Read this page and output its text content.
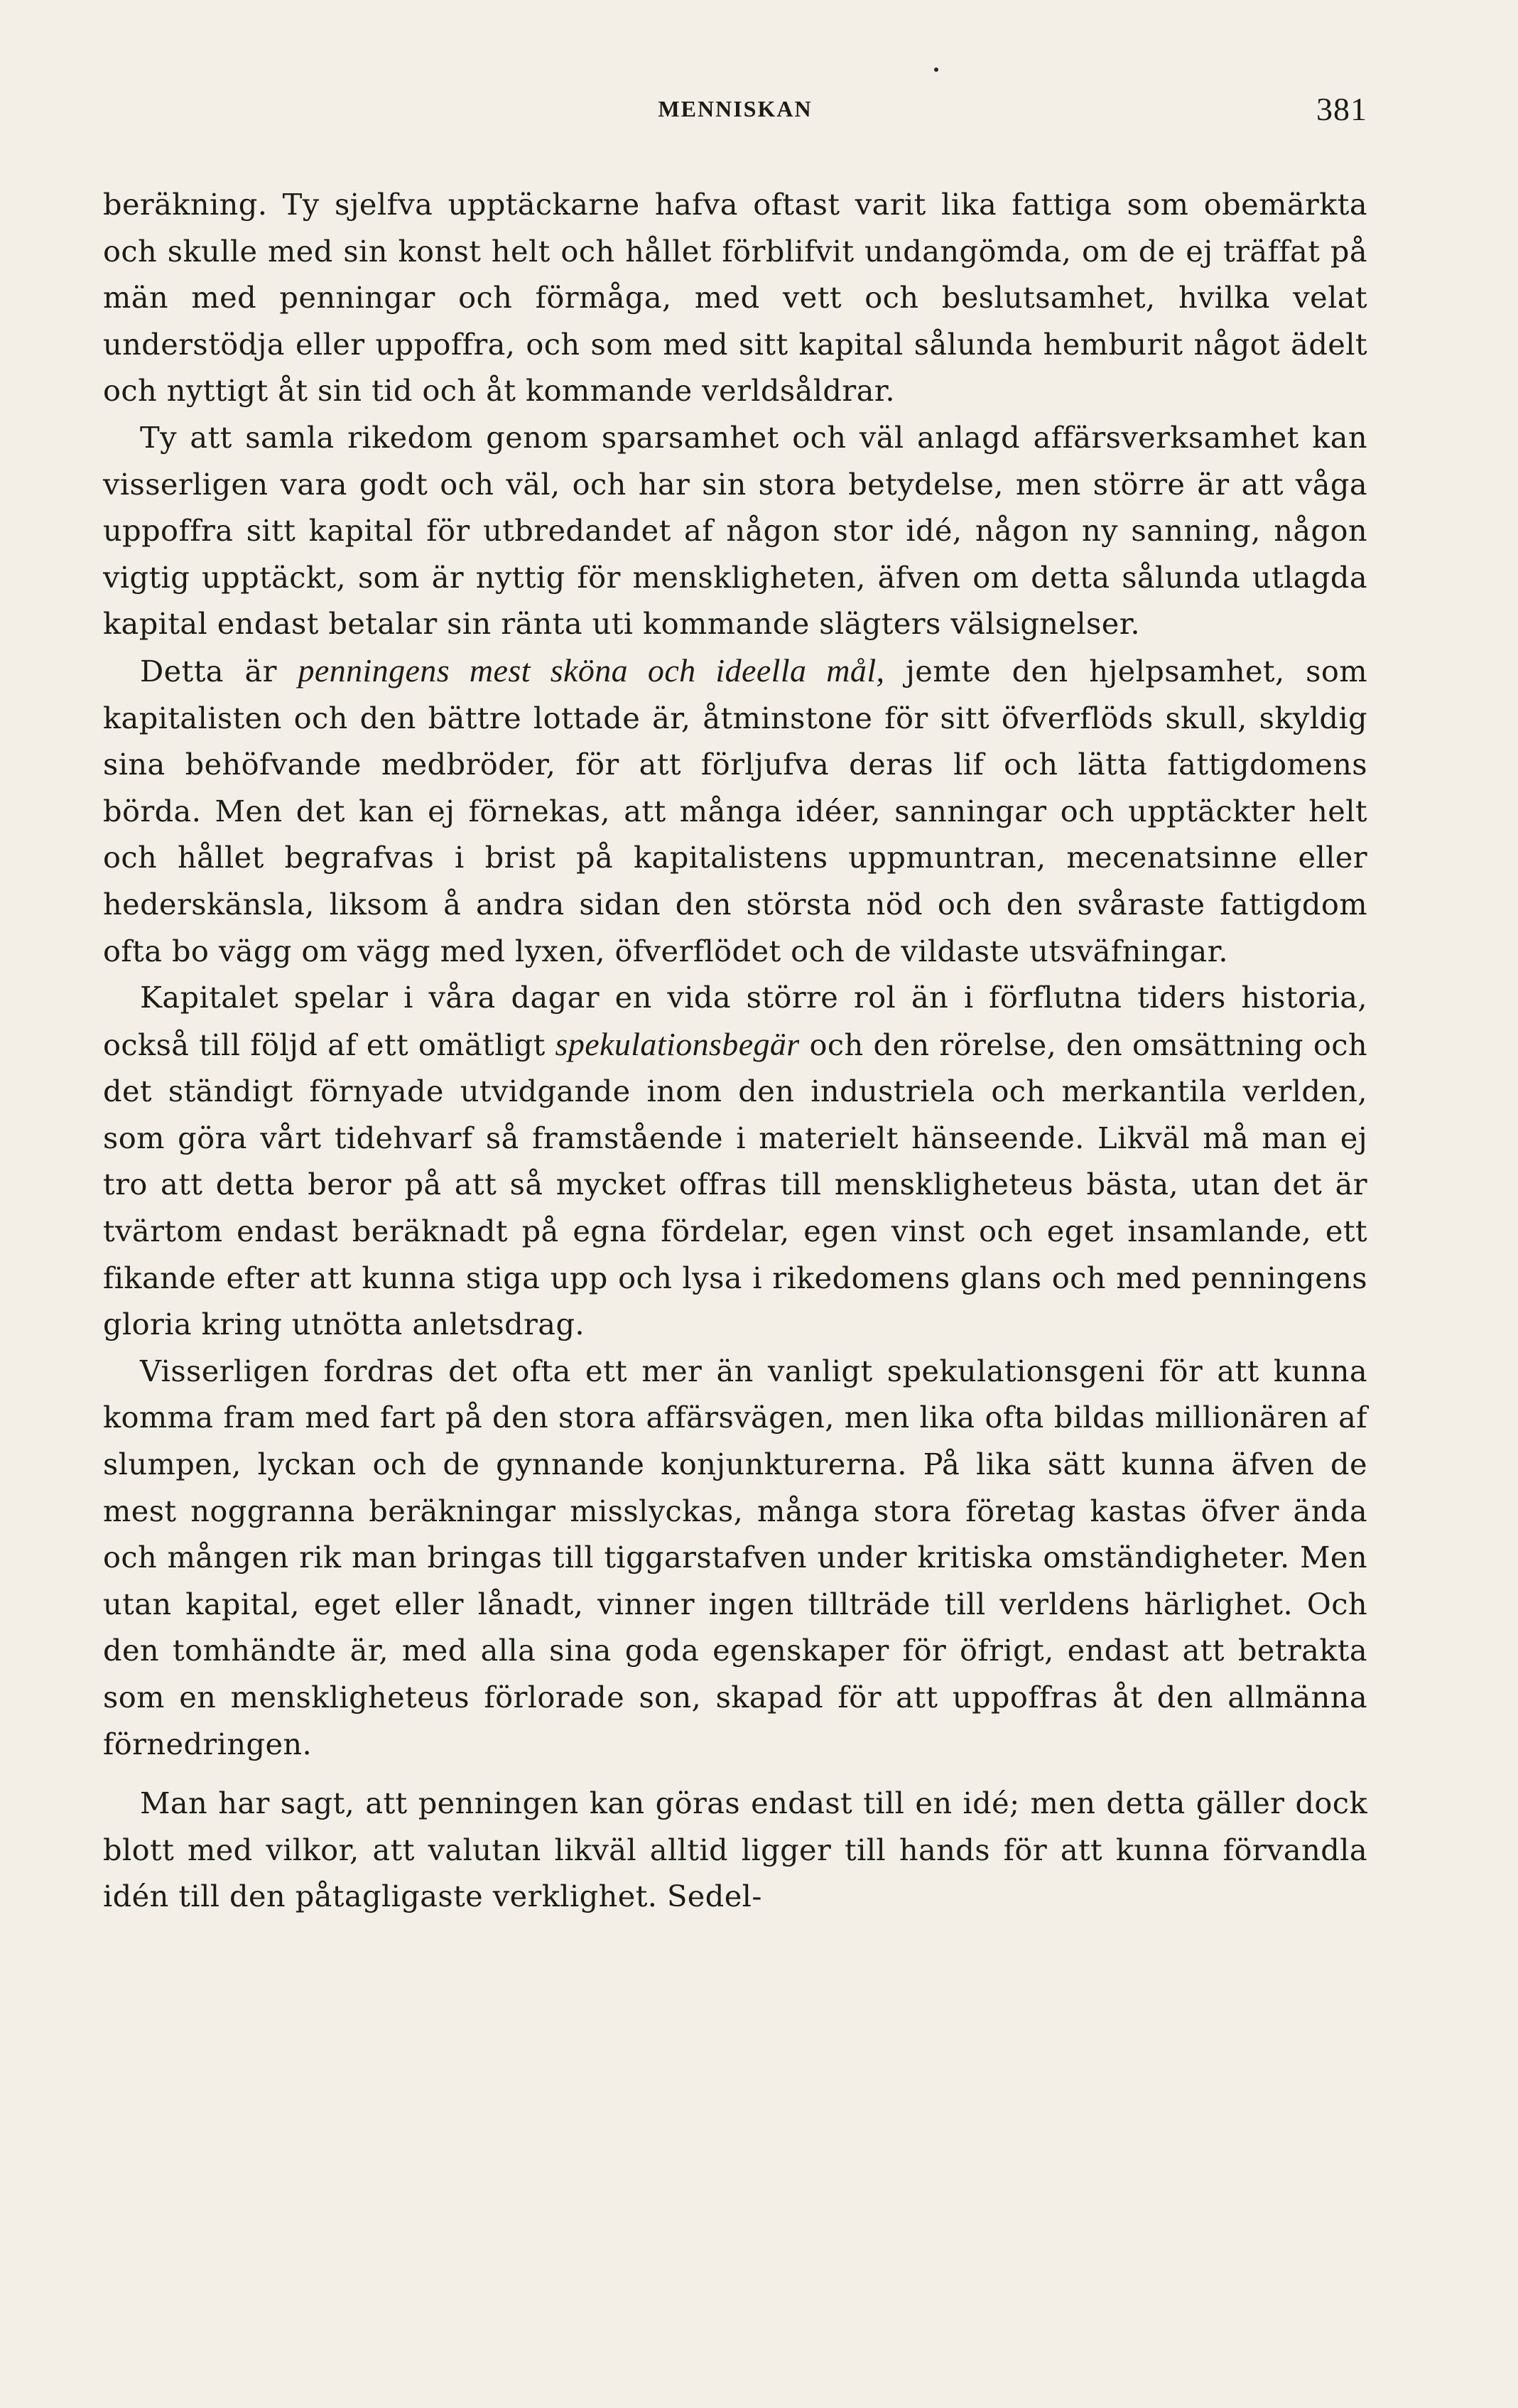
MENNISKAN	381

beräkning. Ty sjelfva upptäckarne hafva oftast varit lika fattiga som obemärkta och skulle med sin konst helt och hållet förblifvit undangömda, om de ej träffat på män med penningar och förmåga, med vett och beslutsamhet, hvilka velat understödja eller uppoffra, och som med sitt kapital sålunda hemburit något ädelt och nyttigt åt sin tid och åt kommande verldsåldrar.

Ty att samla rikedom genom sparsamhet och väl anlagd affärsverksamhet kan visserligen vara godt och väl, och har sin stora betydelse, men större är att våga uppoffra sitt kapital för utbredandet af någon stor idé, någon ny sanning, någon vigtig upptäckt, som är nyttig för menskligheten, äfven om detta sålunda utlagda kapital endast betalar sin ränta uti kommande slägters välsignelser.

Detta är penningens mest sköna och ideella mål, jemte den hjelpsamhet, som kapitalisten och den bättre lottade är, åtminstone för sitt öfverflöds skull, skyldig sina behöfvande medbröder, för att förljufva deras lif och lätta fattigdomens börda. Men det kan ej förnekas, att många idéer, sanningar och upptäckter helt och hållet begrafvas i brist på kapitalistens uppmuntran, mecenatsinne eller hederskänsla, liksom å andra sidan den största nöd och den svåraste fattigdom ofta bo vägg om vägg med lyxen, öfverflödet och de vildaste utsväfningar.

Kapitalet spelar i våra dagar en vida större rol än i förflutna tiders historia, också till följd af ett omätligt spekulationsbegär och den rörelse, den omsättning och det ständigt förnyade utvidgande inom den industriela och merkantila verlden, som göra vårt tidehvarf så framstående i materielt hänseende. Likväl må man ej tro att detta beror på att så mycket offras till menskligheteus bästa, utan det är tvärtom endast beräknadt på egna fördelar, egen vinst och eget insamlande, ett fikande efter att kunna stiga upp och lysa i rikedomens glans och med penningens gloria kring utnötta anletsdrag.

Visserligen fordras det ofta ett mer än vanligt spekulationsgeni för att kunna komma fram med fart på den stora affärsvägen, men lika ofta bildas millionären af slumpen, lyckan och de gynnande konjunkturerna. På lika sätt kunna äfven de mest noggranna beräkningar misslyckas, många stora företag kastas öfver ända och mången rik man bringas till tiggarstafven under kritiska omständigheter. Men utan kapital, eget eller lånadt, vinner ingen tillträde till verldens härlighet. Och den tomhändte är, med alla sina goda egenskaper för öfrigt, endast att betrakta som en menskligheteus förlorade son, skapad för att uppoffras åt den allmänna förnedringen.

Man har sagt, att penningen kan göras endast till en idé; men detta gäller dock blott med vilkor, att valutan likväl alltid ligger till hands för att kunna förvandla idén till den påtagligaste verklighet. Sedel-
